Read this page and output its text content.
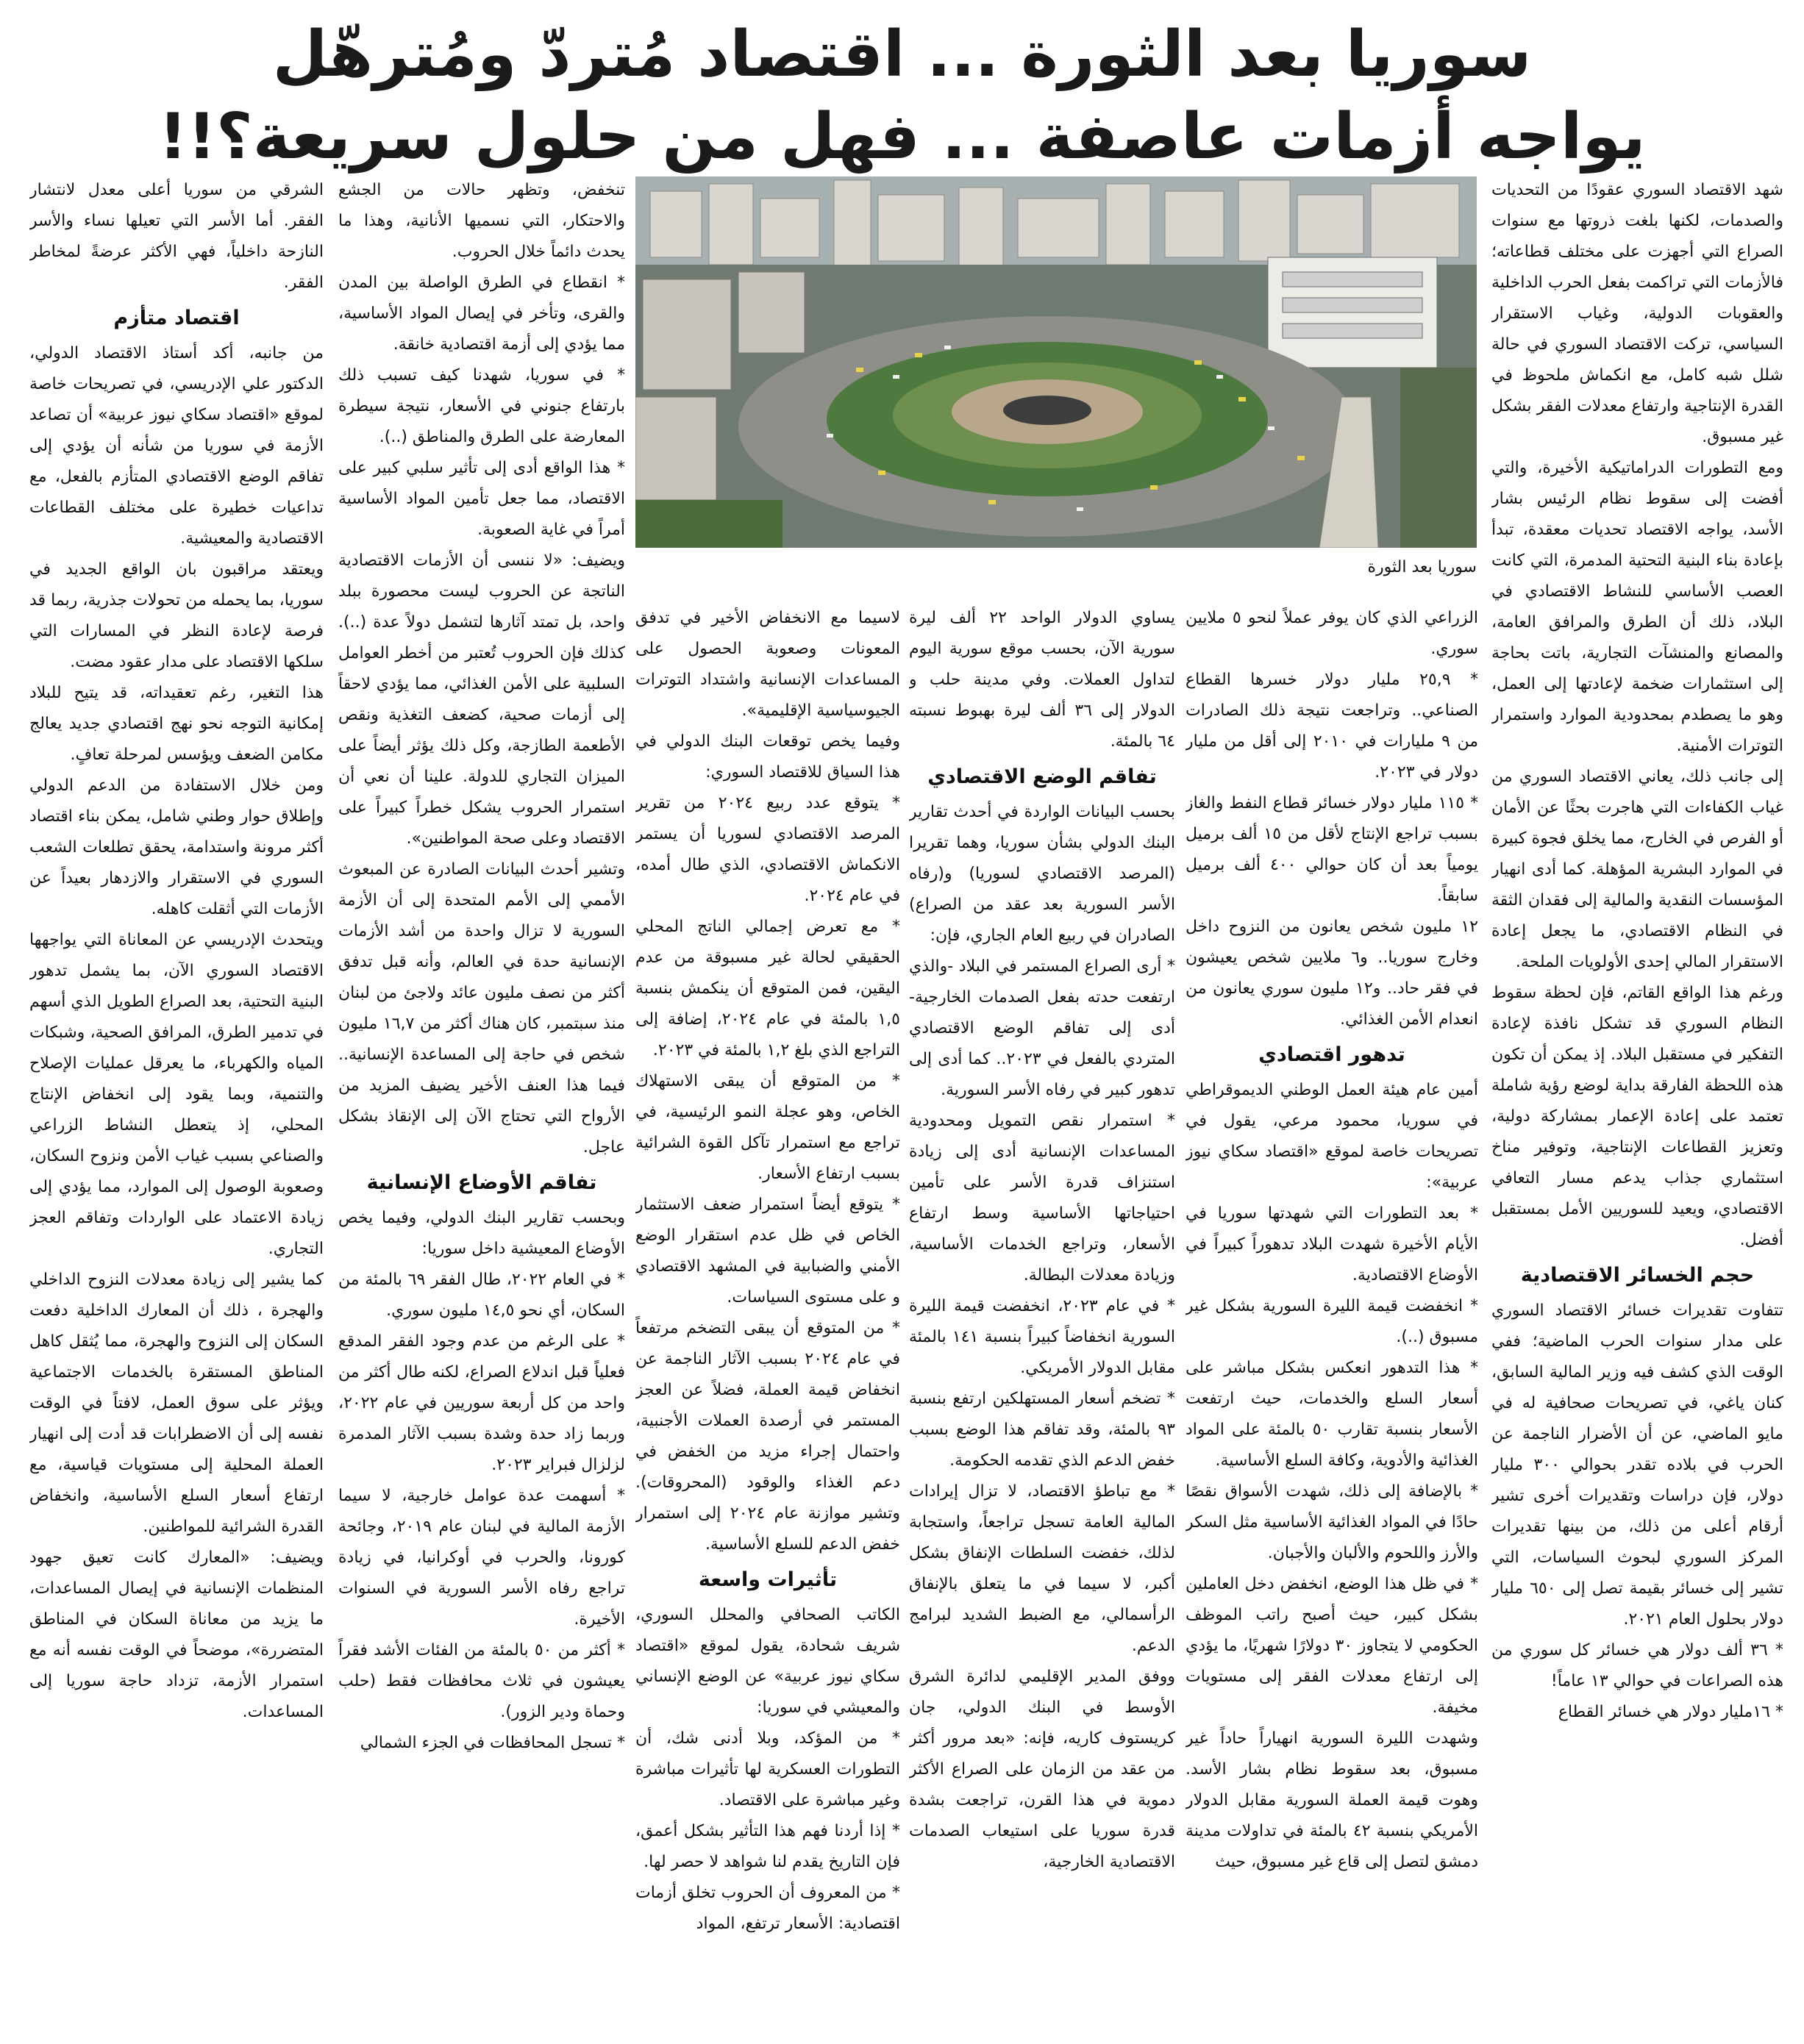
سوريا بعد الثورة ... اقتصاد مُتردّ ومُترهّل
يواجه أزمات عاصفة ... فهل من حلول سريعة؟!!
سوريا بعد الثورة

شهد الاقتصاد السوري عقودًا من التحديات والصدمات، لكنها بلغت ذروتها مع سنوات الصراع التي أجهزت على مختلف قطاعاته؛ فالأزمات التي تراكمت بفعل الحرب الداخلية والعقوبات الدولية، وغياب الاستقرار السياسي، تركت الاقتصاد السوري في حالة شلل شبه كامل، مع انكماش ملحوظ في القدرة الإنتاجية وارتفاع معدلات الفقر بشكل غير مسبوق.

ومع التطورات الدراماتيكية الأخيرة، والتي أفضت إلى سقوط نظام الرئيس بشار الأسد، يواجه الاقتصاد تحديات معقدة، تبدأ بإعادة بناء البنية التحتية المدمرة، التي كانت العصب الأساسي للنشاط الاقتصادي في البلاد، ذلك أن الطرق والمرافق العامة، والمصانع والمنشآت التجارية، باتت بحاجة إلى استثمارات ضخمة لإعادتها إلى العمل، وهو ما يصطدم بمحدودية الموارد واستمرار التوترات الأمنية.

إلى جانب ذلك، يعاني الاقتصاد السوري من غياب الكفاءات التي هاجرت بحثًا عن الأمان أو الفرص في الخارج، مما يخلق فجوة كبيرة في الموارد البشرية المؤهلة. كما أدى انهيار المؤسسات النقدية والمالية إلى فقدان الثقة في النظام الاقتصادي، ما يجعل إعادة الاستقرار المالي إحدى الأولويات الملحة.

ورغم هذا الواقع القاتم، فإن لحظة سقوط النظام السوري قد تشكل نافذة لإعادة التفكير في مستقبل البلاد. إذ يمكن أن تكون هذه اللحظة الفارقة بداية لوضع رؤية شاملة تعتمد على إعادة الإعمار بمشاركة دولية، وتعزيز القطاعات الإنتاجية، وتوفير مناخ استثماري جذاب يدعم مسار التعافي الاقتصادي، ويعيد للسوريين الأمل بمستقبل أفضل.

حجم الخسائر الاقتصادية

تتفاوت تقديرات خسائر الاقتصاد السوري على مدار سنوات الحرب الماضية؛ ففي الوقت الذي كشف فيه وزير المالية السابق، كنان ياغي، في تصريحات صحافية له في مايو الماضي، عن أن الأضرار الناجمة عن الحرب في بلاده تقدر بحوالي ٣٠٠ مليار دولار، فإن دراسات وتقديرات أخرى تشير أرقام أعلى من ذلك، من بينها تقديرات المركز السوري لبحوث السياسات، التي تشير إلى خسائر بقيمة تصل إلى ٦٥٠ مليار دولار بحلول العام ٢٠٢١.

* ٣٦ ألف دولار هي خسائر كل سوري من هذه الصراعات في حوالي ١٣ عاماً!

* ١٦مليار دولار هي خسائر القطاع

الزراعي الذي كان يوفر عملاً لنحو ٥ ملايين سوري.

* ٢٥,٩ مليار دولار خسرها القطاع الصناعي.. وتراجعت نتيجة ذلك الصادرات من ٩ مليارات في ٢٠١٠ إلى أقل من مليار دولار في ٢٠٢٣.

* ١١٥ مليار دولار خسائر قطاع النفط والغاز بسبب تراجع الإنتاج لأقل من ١٥ ألف برميل يومياً بعد أن كان حوالي ٤٠٠ ألف برميل سابقاً.

١٢ مليون شخص يعانون من النزوح داخل وخارج سوريا.. و٦ ملايين شخص يعيشون في فقر حاد.. و١٢ مليون سوري يعانون من انعدام الأمن الغذائي.

تدهور اقتصادي

أمين عام هيئة العمل الوطني الديموقراطي في سوريا، محمود مرعي، يقول في تصريحات خاصة لموقع «اقتصاد سكاي نيوز عربية»:

* بعد التطورات التي شهدتها سوريا في الأيام الأخيرة شهدت البلاد تدهوراً كبيراً في الأوضاع الاقتصادية.

* انخفضت قيمة الليرة السورية بشكل غير مسبوق (..).

* هذا التدهور انعكس بشكل مباشر على أسعار السلع والخدمات، حيث ارتفعت الأسعار بنسبة تقارب ٥٠ بالمئة على المواد الغذائية والأدوية، وكافة السلع الأساسية.

* بالإضافة إلى ذلك، شهدت الأسواق نقصًا حادًا في المواد الغذائية الأساسية مثل السكر والأرز واللحوم والألبان والأجبان.

* في ظل هذا الوضع، انخفض دخل العاملين بشكل كبير، حيث أصبح راتب الموظف الحكومي لا يتجاوز ٣٠ دولارًا شهريًا، ما يؤدي إلى ارتفاع معدلات الفقر إلى مستويات مخيفة.

وشهدت الليرة السورية انهياراً حاداً غير مسبوق، بعد سقوط نظام بشار الأسد. وهوت قيمة العملة السورية مقابل الدولار الأمريكي بنسبة ٤٢ بالمئة في تداولات مدينة دمشق لتصل إلى قاع غير مسبوق، حيث

يساوي الدولار الواحد ٢٢ ألف ليرة سورية الآن، بحسب موقع سورية اليوم لتداول العملات. وفي مدينة حلب و الدولار إلى ٣٦ ألف ليرة بهبوط نسبته ٦٤ بالمئة.

تفاقم الوضع الاقتصادي

بحسب البيانات الواردة في أحدث تقارير البنك الدولي بشأن سوريا، وهما تقريرا (المرصد الاقتصادي لسوريا) و(رفاه الأسر السورية بعد عقد من الصراع) الصادران في ربيع العام الجاري، فإن:

* أرى الصراع المستمر في البلاد -والذي ارتفعت حدته بفعل الصدمات الخارجية- أدى إلى تفاقم الوضع الاقتصادي المتردي بالفعل في ٢٠٢٣.. كما أدى إلى تدهور كبير في رفاه الأسر السورية.

* استمرار نقص التمويل ومحدودية المساعدات الإنسانية أدى إلى زيادة استنزاف قدرة الأسر على تأمين احتياجاتها الأساسية وسط ارتفاع الأسعار، وتراجع الخدمات الأساسية، وزيادة معدلات البطالة.

* في عام ٢٠٢٣، انخفضت قيمة الليرة السورية انخفاضاً كبيراً بنسبة ١٤١ بالمئة مقابل الدولار الأمريكي.

* تضخم أسعار المستهلكين ارتفع بنسبة ٩٣ بالمئة، وقد تفاقم هذا الوضع بسبب خفض الدعم الذي تقدمه الحكومة.

* مع تباطؤ الاقتصاد، لا تزال إيرادات المالية العامة تسجل تراجعاً، واستجابة لذلك، خفضت السلطات الإنفاق بشكل أكبر، لا سيما في ما يتعلق بالإنفاق الرأسمالي، مع الضبط الشديد لبرامج الدعم.

ووفق المدير الإقليمي لدائرة الشرق الأوسط في البنك الدولي، جان كريستوف كاريه، فإنه: «بعد مرور أكثر من عقد من الزمان على الصراع الأكثر دموية في هذا القرن، تراجعت بشدة قدرة سوريا على استيعاب الصدمات الاقتصادية الخارجية،

لاسيما مع الانخفاض الأخير في تدفق المعونات وصعوبة الحصول على المساعدات الإنسانية واشتداد التوترات الجيوسياسية الإقليمية».

وفيما يخص توقعات البنك الدولي في هذا السياق للاقتصاد السوري:

* يتوقع عدد ربيع ٢٠٢٤ من تقرير المرصد الاقتصادي لسوريا أن يستمر الانكماش الاقتصادي، الذي طال أمده، في عام ٢٠٢٤.

* مع تعرض إجمالي الناتج المحلي الحقيقي لحالة غير مسبوقة من عدم اليقين، فمن المتوقع أن ينكمش بنسبة ١,٥ بالمئة في عام ٢٠٢٤، إضافة إلى التراجع الذي بلغ ١,٢ بالمئة في ٢٠٢٣.

* من المتوقع أن يبقى الاستهلاك الخاص، وهو عجلة النمو الرئيسية، في تراجع مع استمرار تآكل القوة الشرائية بسبب ارتفاع الأسعار.

* يتوقع أيضاً استمرار ضعف الاستثمار الخاص في ظل عدم استقرار الوضع الأمني والضبابية في المشهد الاقتصادي و على مستوى السياسات.

* من المتوقع أن يبقى التضخم مرتفعاً في عام ٢٠٢٤ بسبب الآثار الناجمة عن انخفاض قيمة العملة، فضلاً عن العجز المستمر في أرصدة العملات الأجنبية، واحتمال إجراء مزيد من الخفض في دعم الغذاء والوقود (المحروقات). وتشير موازنة عام ٢٠٢٤ إلى استمرار خفض الدعم للسلع الأساسية.

تأثيرات واسعة

الكاتب الصحافي والمحلل السوري، شريف شحادة، يقول لموقع «اقتصاد سكاي نيوز عربية» عن الوضع الإنساني والمعيشي في سوريا:

* من المؤكد، وبلا أدنى شك، أن التطورات العسكرية لها تأثيرات مباشرة وغير مباشرة على الاقتصاد.

* إذا أردنا فهم هذا التأثير بشكل أعمق، فإن التاريخ يقدم لنا شواهد لا حصر لها.

* من المعروف أن الحروب تخلق أزمات اقتصادية: الأسعار ترتفع، المواد

تنخفض، وتظهر حالات من الجشع والاحتكار، التي نسميها الأنانية، وهذا ما يحدث دائماً خلال الحروب.

* انقطاع في الطرق الواصلة بين المدن والقرى، وتأخر في إيصال المواد الأساسية، مما يؤدي إلى أزمة اقتصادية خانقة.

* في سوريا، شهدنا كيف تسبب ذلك بارتفاع جنوني في الأسعار، نتيجة سيطرة المعارضة على الطرق والمناطق (..).

* هذا الواقع أدى إلى تأثير سلبي كبير على الاقتصاد، مما جعل تأمين المواد الأساسية أمراً في غاية الصعوبة.

ويضيف: «لا ننسى أن الأزمات الاقتصادية الناتجة عن الحروب ليست محصورة ببلد واحد، بل تمتد آثارها لتشمل دولاً عدة (..). كذلك فإن الحروب تُعتبر من أخطر العوامل السلبية على الأمن الغذائي، مما يؤدي لاحقاً إلى أزمات صحية، كضعف التغذية ونقص الأطعمة الطازجة، وكل ذلك يؤثر أيضاً على الميزان التجاري للدولة. علينا أن نعي أن استمرار الحروب يشكل خطراً كبيراً على الاقتصاد وعلى صحة المواطنين».

وتشير أحدث البيانات الصادرة عن المبعوث الأممي إلى الأمم المتحدة إلى أن الأزمة السورية لا تزال واحدة من أشد الأزمات الإنسانية حدة في العالم، وأنه قبل تدفق أكثر من نصف مليون عائد ولاجئ من لبنان منذ سبتمبر، كان هناك أكثر من ١٦,٧ مليون شخص في حاجة إلى المساعدة الإنسانية.. فيما هذا العنف الأخير يضيف المزيد من الأرواح التي تحتاج الآن إلى الإنقاذ بشكل عاجل.

تفاقم الأوضاع الإنسانية

وبحسب تقارير البنك الدولي، وفيما يخص الأوضاع المعيشية داخل سوريا:

* في العام ٢٠٢٢، طال الفقر ٦٩ بالمئة من السكان، أي نحو ١٤,٥ مليون سوري.

* على الرغم من عدم وجود الفقر المدقع فعلياً قبل اندلاع الصراع، لكنه طال أكثر من واحد من كل أربعة سوريين في عام ٢٠٢٢، وربما زاد حدة وشدة بسبب الآثار المدمرة لزلزال فبراير ٢٠٢٣.

* أسهمت عدة عوامل خارجية، لا سيما الأزمة المالية في لبنان عام ٢٠١٩، وجائحة كورونا، والحرب في أوكرانيا، في زيادة تراجع رفاه الأسر السورية في السنوات الأخيرة.

* أكثر من ٥٠ بالمئة من الفئات الأشد فقراً يعيشون في ثلاث محافظات فقط (حلب وحماة ودير الزور).

* تسجل المحافظات في الجزء الشمالي

الشرقي من سوريا أعلى معدل لانتشار الفقر. أما الأسر التي تعيلها نساء والأسر النازحة داخلياً، فهي الأكثر عرضةً لمخاطر الفقر.

اقتصاد متأزم

من جانبه، أكد أستاذ الاقتصاد الدولي، الدكتور علي الإدريسي، في تصريحات خاصة لموقع «اقتصاد سكاي نيوز عربية» أن تصاعد الأزمة في سوريا من شأنه أن يؤدي إلى تفاقم الوضع الاقتصادي المتأزم بالفعل، مع تداعيات خطيرة على مختلف القطاعات الاقتصادية والمعيشية.

ويعتقد مراقبون بان الواقع الجديد في سوريا، بما يحمله من تحولات جذرية، ربما قد فرصة لإعادة النظر في المسارات التي سلكها الاقتصاد على مدار عقود مضت.

هذا التغير، رغم تعقيداته، قد يتيح للبلاد إمكانية التوجه نحو نهج اقتصادي جديد يعالج مكامن الضعف ويؤسس لمرحلة تعافٍ.

ومن خلال الاستفادة من الدعم الدولي وإطلاق حوار وطني شامل، يمكن بناء اقتصاد أكثر مرونة واستدامة، يحقق تطلعات الشعب السوري في الاستقرار والازدهار بعيداً عن الأزمات التي أثقلت كاهله.

ويتحدث الإدريسي عن المعاناة التي يواجهها الاقتصاد السوري الآن، بما يشمل تدهور البنية التحتية، بعد الصراع الطويل الذي أسهم في تدمير الطرق، المرافق الصحية، وشبكات المياه والكهرباء، ما يعرقل عمليات الإصلاح والتنمية، وبما يقود إلى انخفاض الإنتاج المحلي، إذ يتعطل النشاط الزراعي والصناعي بسبب غياب الأمن ونزوح السكان، وصعوبة الوصول إلى الموارد، مما يؤدي إلى زيادة الاعتماد على الواردات وتفاقم العجز التجاري.

كما يشير إلى زيادة معدلات النزوح الداخلي والهجرة ، ذلك أن المعارك الداخلية دفعت السكان إلى النزوح والهجرة، مما يُثقل كاهل المناطق المستقرة بالخدمات الاجتماعية ويؤثر على سوق العمل، لافتاً في الوقت نفسه إلى أن الاضطرابات قد أدت إلى انهيار العملة المحلية إلى مستويات قياسية، مع ارتفاع أسعار السلع الأساسية، وانخفاض القدرة الشرائية للمواطنين.

ويضيف: «المعارك كانت تعيق جهود المنظمات الإنسانية في إيصال المساعدات، ما يزيد من معاناة السكان في المناطق المتضررة»، موضحاً في الوقت نفسه أنه مع استمرار الأزمة، تزداد حاجة سوريا إلى المساعدات.
